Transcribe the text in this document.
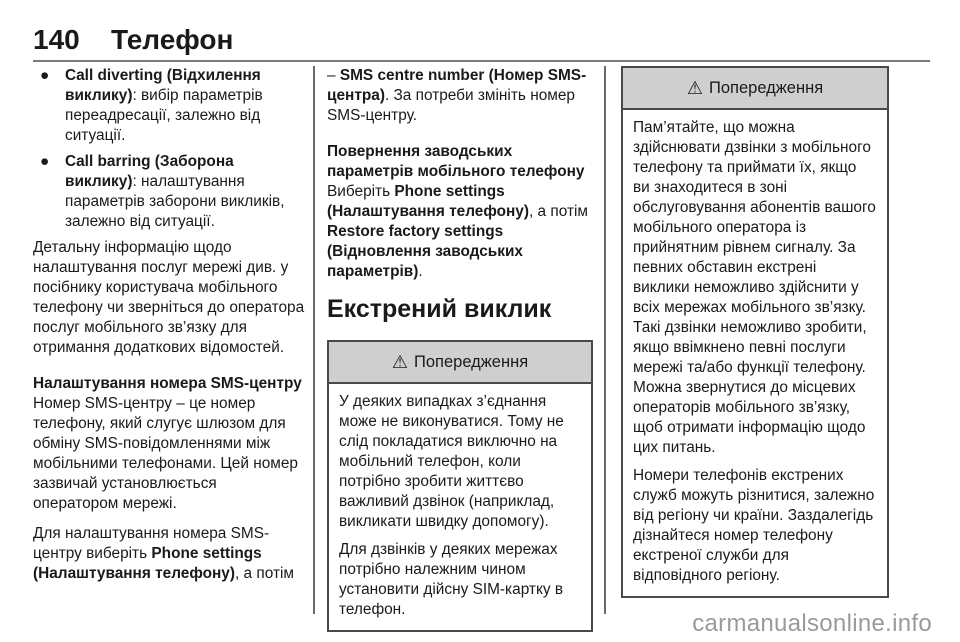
140 Телефон
● Call diverting (Відхилення виклику): вибір параметрів переадресації, залежно від ситуації.
● Call barring (Заборона виклику): налаштування параметрів заборони викликів, залежно від ситуації.

Детальну інформацію щодо налаштування послуг мережі див. у посібнику користувача мобільного телефону чи зверніться до оператора послуг мобільного зв’язку для отримання додаткових відомостей.

Налаштування номера SMS-центру

Номер SMS-центру – це номер телефону, який слугує шлюзом для обміну SMS-повідомленнями між мобільними телефонами. Цей номер зазвичай установлюється оператором мережі.

Для налаштування номера SMS-центру виберіть Phone settings (Налаштування телефону), а потім

– SMS centre number (Номер SMS-центра). За потреби змініть номер SMS-центру.

Повернення заводських параметрів мобільного телефону

Виберіть Phone settings (Налаштування телефону), а потім Restore factory settings (Відновлення заводських параметрів).

Екстрений виклик
⚠ Попередження

У деяких випадках з’єднання може не виконуватися. Тому не слід покладатися виключно на мобільний телефон, коли потрібно зробити життєво важливий дзвінок (наприклад, викликати швидку допомогу).

Для дзвінків у деяких мережах потрібно належним чином установити дійсну SIM-картку в телефон.

⚠ Попередження

Пам’ятайте, що можна здійснювати дзвінки з мобільного телефону та приймати їх, якщо ви знаходитеся в зоні обслуговування абонентів вашого мобільного оператора із прийнятним рівнем сигналу. За певних обставин екстрені виклики неможливо здійснити у всіх мережах мобільного зв’язку. Такі дзвінки неможливо зробити, якщо ввімкнено певні послуги мережі та/або функції телефону. Можна звернутися до місцевих операторів мобільного зв’язку, щоб отримати інформацію щодо цих питань.

Номери телефонів екстрених служб можуть різнитися, залежно від регіону чи країни. Заздалегідь дізнайтеся номер телефону екстреної служби для відповідного регіону.

carmanualsonline.info
